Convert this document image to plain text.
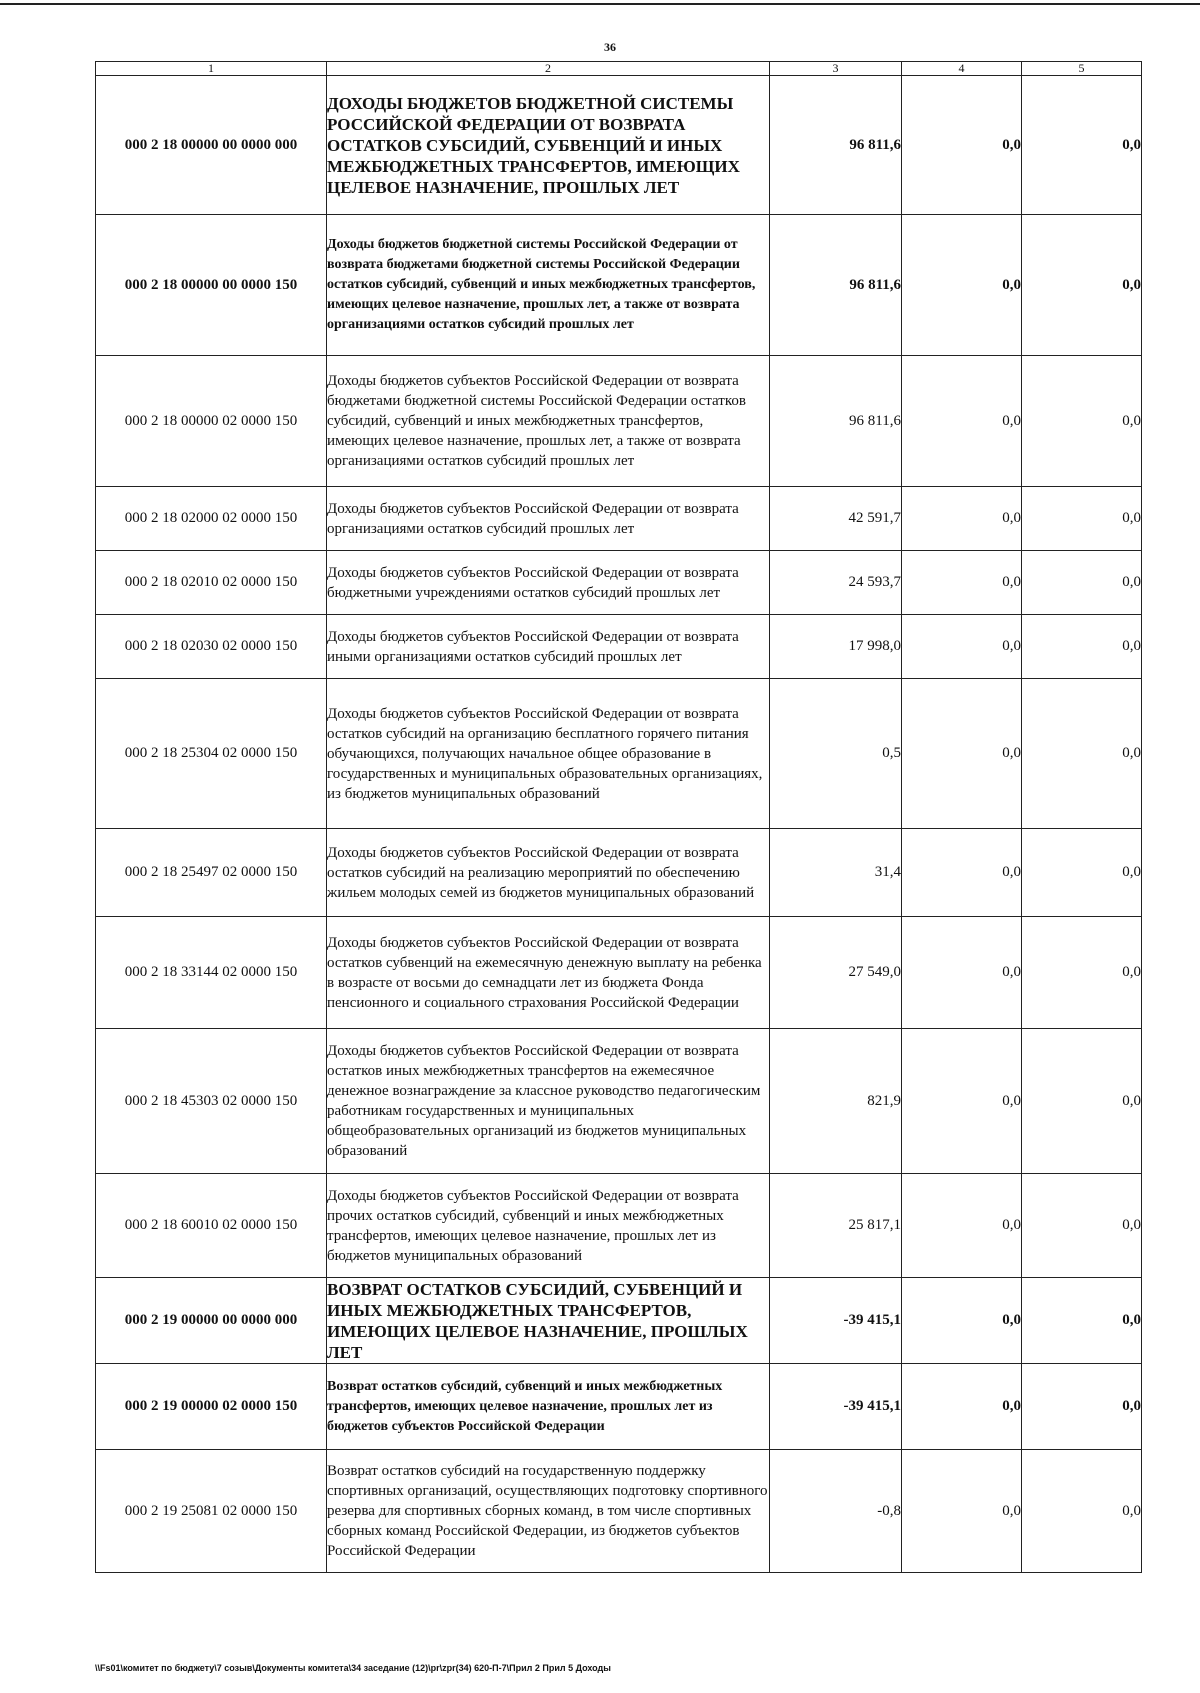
36
1	2	3	4	5
000 2 18 00000 00 0000 000	ДОХОДЫ БЮДЖЕТОВ БЮДЖЕТНОЙ СИСТЕМЫ РОССИЙСКОЙ ФЕДЕРАЦИИ ОТ ВОЗВРАТА ОСТАТКОВ СУБСИДИЙ, СУБВЕНЦИЙ И ИНЫХ МЕЖБЮДЖЕТНЫХ ТРАНСФЕРТОВ, ИМЕЮЩИХ ЦЕЛЕВОЕ НАЗНАЧЕНИЕ, ПРОШЛЫХ ЛЕТ	96 811,6	0,0	0,0
000 2 18 00000 00 0000 150	Доходы бюджетов бюджетной системы Российской Федерации от возврата бюджетами бюджетной системы Российской Федерации остатков субсидий, субвенций и иных межбюджетных трансфертов, имеющих целевое назначение, прошлых лет, а также от возврата организациями остатков субсидий прошлых лет	96 811,6	0,0	0,0
000 2 18 00000 02 0000 150	Доходы бюджетов субъектов Российской Федерации от возврата бюджетами бюджетной системы Российской Федерации остатков субсидий, субвенций и иных межбюджетных трансфертов, имеющих целевое назначение, прошлых лет, а также от возврата организациями остатков субсидий прошлых лет	96 811,6	0,0	0,0
000 2 18 02000 02 0000 150	Доходы бюджетов субъектов Российской Федерации от возврата организациями остатков субсидий прошлых лет	42 591,7	0,0	0,0
000 2 18 02010 02 0000 150	Доходы бюджетов субъектов Российской Федерации от возврата бюджетными учреждениями остатков субсидий прошлых лет	24 593,7	0,0	0,0
000 2 18 02030 02 0000 150	Доходы бюджетов субъектов Российской Федерации от возврата иными организациями остатков субсидий прошлых лет	17 998,0	0,0	0,0
000 2 18 25304 02 0000 150	Доходы бюджетов субъектов Российской Федерации от возврата остатков субсидий на организацию бесплатного горячего питания обучающихся, получающих начальное общее образование в государственных и муниципальных образовательных организациях, из бюджетов муниципальных образований	0,5	0,0	0,0
000 2 18 25497 02 0000 150	Доходы бюджетов субъектов Российской Федерации от возврата остатков субсидий на реализацию мероприятий по обеспечению жильем молодых семей из бюджетов муниципальных образований	31,4	0,0	0,0
000 2 18 33144 02 0000 150	Доходы бюджетов субъектов Российской Федерации от возврата остатков субвенций на ежемесячную денежную выплату на ребенка в возрасте от восьми до семнадцати лет из бюджета Фонда пенсионного и социального страхования Российской Федерации	27 549,0	0,0	0,0
000 2 18 45303 02 0000 150	Доходы бюджетов субъектов Российской Федерации от возврата остатков иных межбюджетных трансфертов на ежемесячное денежное вознаграждение за классное руководство педагогическим работникам государственных и муниципальных общеобразовательных организаций из бюджетов муниципальных образований	821,9	0,0	0,0
000 2 18 60010 02 0000 150	Доходы бюджетов субъектов Российской Федерации от возврата прочих остатков субсидий, субвенций и иных межбюджетных трансфертов, имеющих целевое назначение, прошлых лет из бюджетов муниципальных образований	25 817,1	0,0	0,0
000 2 19 00000 00 0000 000	ВОЗВРАТ ОСТАТКОВ СУБСИДИЙ, СУБВЕНЦИЙ И ИНЫХ МЕЖБЮДЖЕТНЫХ ТРАНСФЕРТОВ, ИМЕЮЩИХ ЦЕЛЕВОЕ НАЗНАЧЕНИЕ, ПРОШЛЫХ ЛЕТ	-39 415,1	0,0	0,0
000 2 19 00000 02 0000 150	Возврат остатков субсидий, субвенций и иных межбюджетных трансфертов, имеющих целевое назначение, прошлых лет из бюджетов субъектов Российской Федерации	-39 415,1	0,0	0,0
000 2 19 25081 02 0000 150	Возврат остатков субсидий на государственную поддержку спортивных организаций, осуществляющих подготовку спортивного резерва для спортивных сборных команд, в том числе спортивных сборных команд Российской Федерации, из бюджетов субъектов Российской Федерации	-0,8	0,0	0,0
\\Fs01\комитет по бюджету\7 созыв\Документы комитета\34 заседание (12)\pr\zpr(34) 620-П-7\Прил 2 Прил 5 Доходы
